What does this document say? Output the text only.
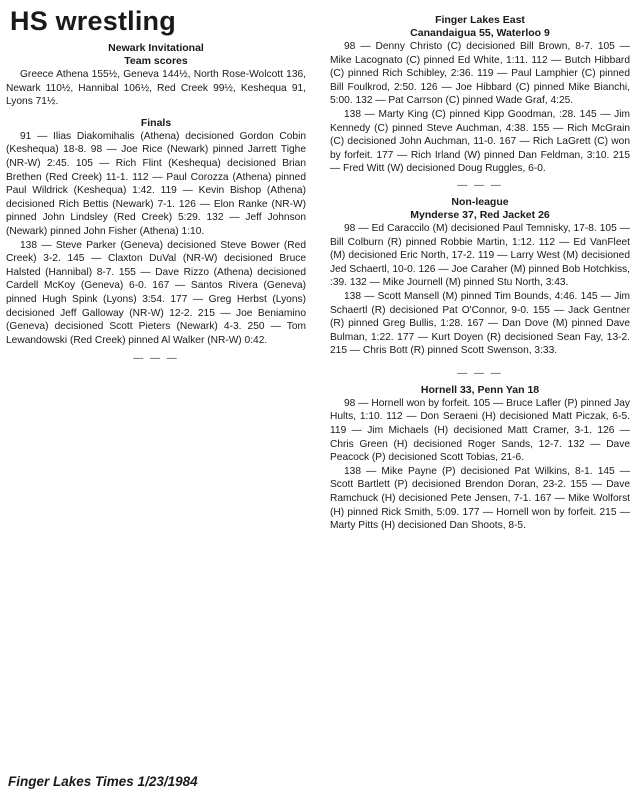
HS wrestling
Newark Invitational
Team scores

Greece Athena 155½, Geneva 144½, North Rose-Wolcott 136, Newark 110½, Hannibal 106½, Red Creek 99½, Keshequa 91, Lyons 71½.

Finals

91 — Ilias Diakomihalis (Athena) decisioned Gordon Cobin (Keshequa) 18-8. 98 — Joe Rice (Newark) pinned Jarrett Tighe (NR-W) 2:45. 105 — Rich Flint (Keshequa) decisioned Brian Brethen (Red Creek) 11-1. 112 — Paul Corozza (Athena) pinned Paul Wildrick (Keshequa) 1:42. 119 — Kevin Bishop (Athena) decisioned Rich Bettis (Newark) 7-1. 126 — Elon Ranke (NR-W) pinned John Lindsley (Red Creek) 5:29. 132 — Jeff Johnson (Newark) pinned John Fisher (Athena) 1:10.

138 — Steve Parker (Geneva) decisioned Steve Bower (Red Creek) 3-2. 145 — Claxton DuVal (NR-W) decisioned Bruce Halsted (Hannibal) 8-7. 155 — Dave Rizzo (Athena) decisioned Cardell McKoy (Geneva) 6-0. 167 — Santos Rivera (Geneva) pinned Hugh Spink (Lyons) 3:54. 177 — Greg Herbst (Lyons) decisioned Jeff Galloway (NR-W) 12-2. 215 — Joe Beniamino (Geneva) decisioned Scott Pieters (Newark) 4-3. 250 — Tom Lewandowski (Red Creek) pinned Al Walker (NR-W) 0:42.

— — —
Finger Lakes East
Canandaigua 55, Waterloo 9

98 — Denny Christo (C) decisioned Bill Brown, 8-7. 105 — Mike Lacognato (C) pinned Ed White, 1:11. 112 — Butch Hibbard (C) pinned Rich Schibley, 2:36. 119 — Paul Lamphier (C) pinned Bill Foulkrod, 2:50. 126 — Joe Hibbard (C) pinned Mike Bianchi, 5:00. 132 — Pat Carrson (C) pinned Wade Graf, 4:25.

138 — Marty King (C) pinned Kipp Goodman, :28. 145 — Jim Kennedy (C) pinned Steve Auchman, 4:38. 155 — Rich McGrain (C) decisioned John Auchman, 11-0. 167 — Rich LaGrett (C) won by forfeit. 177 — Rich Irland (W) pinned Dan Feldman, 3:10. 215 — Fred Witt (W) decisioned Doug Ruggles, 6-0.

— — —
Non-league
Mynderse 37, Red Jacket 26

98 — Ed Caraccilo (M) decisioned Paul Temnisky, 17-8. 105 — Bill Colburn (R) pinned Robbie Martin, 1:12. 112 — Ed VanFleet (M) decisioned Eric North, 17-2. 119 — Larry West (M) decisioned Jed Schaertl, 10-0. 126 — Joe Caraher (M) pinned Bob Hotchkiss, :39. 132 — Mike Journell (M) pinned Stu North, 3:43.

138 — Scott Mansell (M) pinned Tim Bounds, 4:46. 145 — Jim Schaertl (R) decisioned Pat O'Connor, 9-0. 155 — Jack Gentner (R) pinned Greg Bullis, 1:28. 167 — Dan Dove (M) pinned Dave Bulman, 1:22. 177 — Kurt Doyen (R) decisioned Sean Fay, 13-2. 215 — Chris Bott (R) pinned Scott Swenson, 3:33.

— — —
Hornell 33, Penn Yan 18

98 — Hornell won by forfeit. 105 — Bruce Lafler (P) pinned Jay Hults, 1:10. 112 — Don Seraeni (H) decisioned Matt Piczak, 6-5. 119 — Jim Michaels (H) decisioned Matt Cramer, 3-1. 126 — Chris Green (H) decisioned Roger Sands, 12-7. 132 — Dave Peacock (P) decisioned Scott Tobias, 21-6.

138 — Mike Payne (P) decisioned Pat Wilkins, 8-1. 145 — Scott Bartlett (P) decisioned Brendon Doran, 23-2. 155 — Dave Ramchuck (H) decisioned Pete Jensen, 7-1. 167 — Mike Wolforst (H) pinned Rick Smith, 5:09. 177 — Hornell won by forfeit. 215 — Marty Pitts (H) decisioned Dan Shoots, 8-5.

Finger Lakes Times 1/23/1984
